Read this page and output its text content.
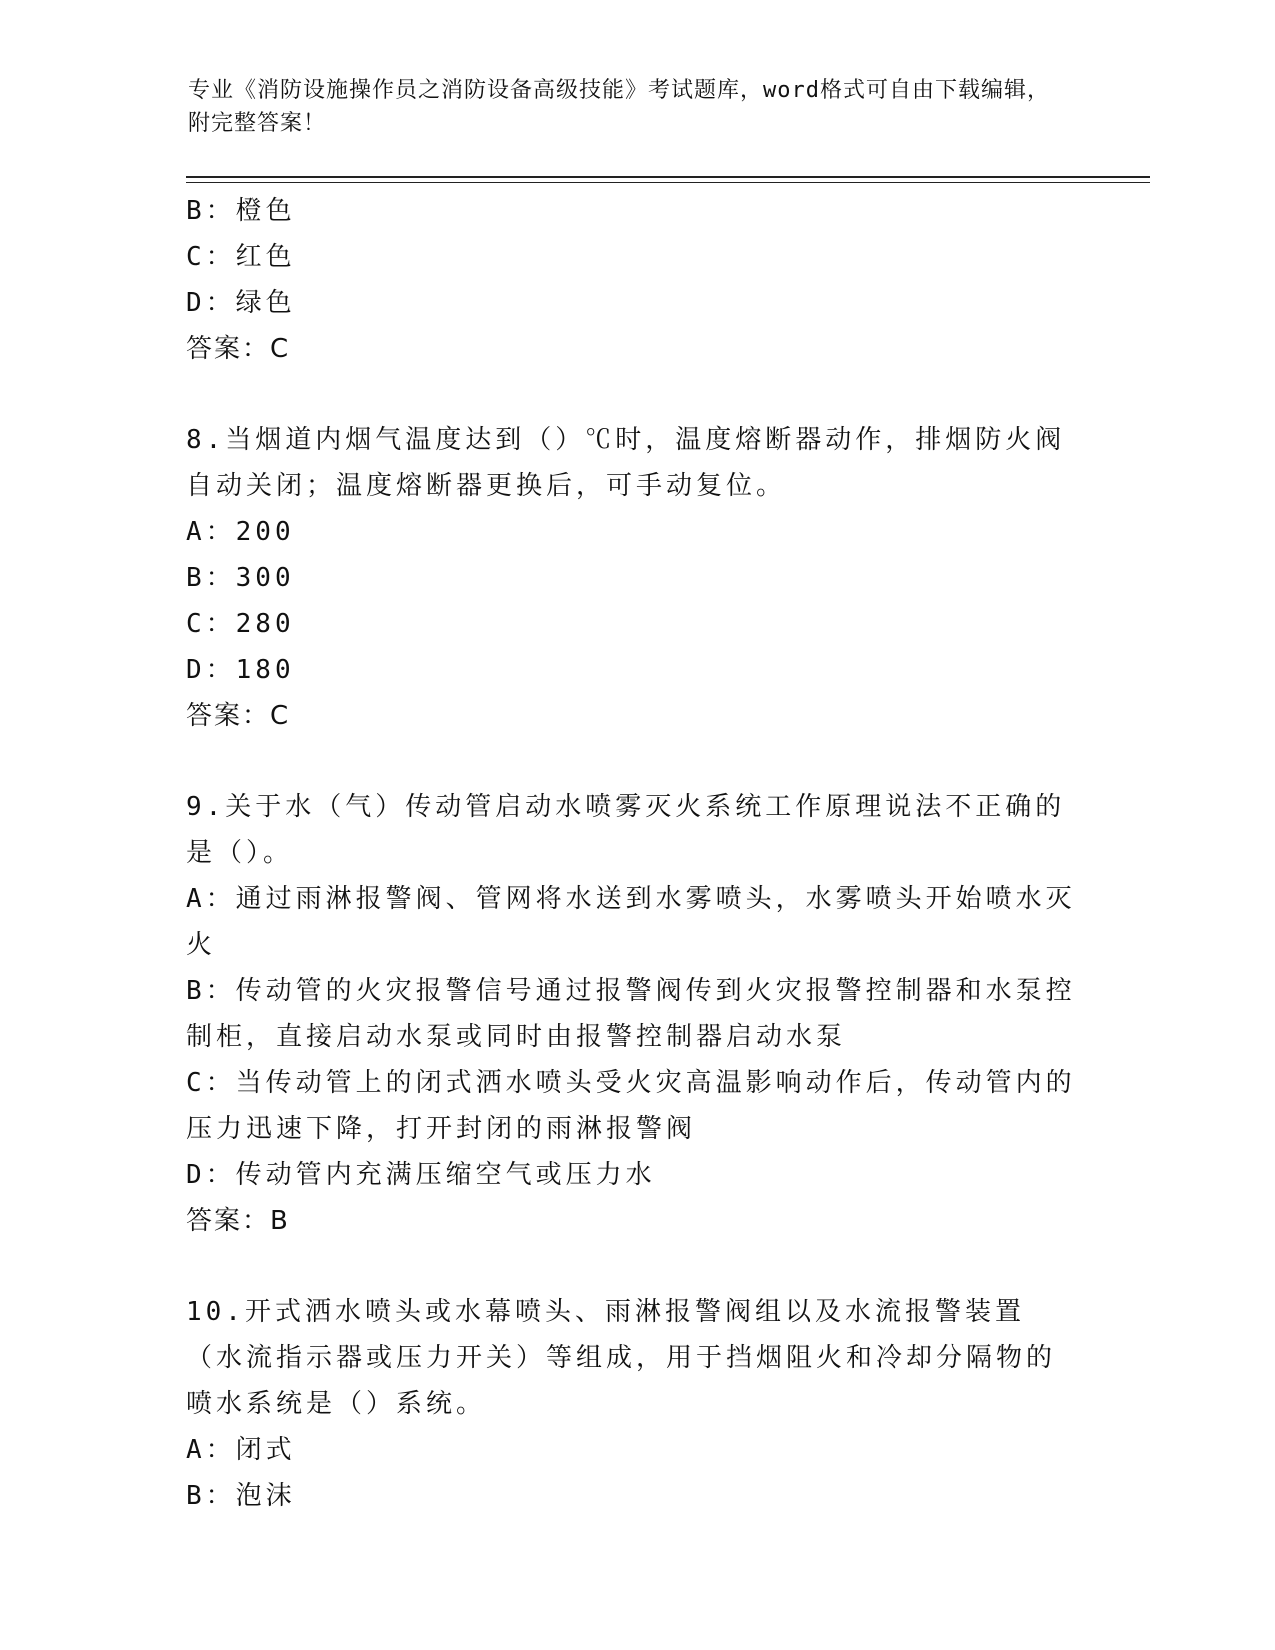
专业《消防设施操作员之消防设备高级技能》考试题库，word格式可自由下载编辑，附完整答案！
B：橙色
C：红色
D：绿色
答案：C
8.当烟道内烟气温度达到（）℃时，温度熔断器动作，排烟防火阀自动关闭；温度熔断器更换后，可手动复位。
A：200
B：300
C：280
D：180
答案：C
9.关于水（气）传动管启动水喷雾灭火系统工作原理说法不正确的是（）。
A：通过雨淋报警阀、管网将水送到水雾喷头，水雾喷头开始喷水灭火
B：传动管的火灾报警信号通过报警阀传到火灾报警控制器和水泵控制柜，直接启动水泵或同时由报警控制器启动水泵
C：当传动管上的闭式洒水喷头受火灾高温影响动作后，传动管内的压力迅速下降，打开封闭的雨淋报警阀
D：传动管内充满压缩空气或压力水
答案：B
10.开式洒水喷头或水幕喷头、雨淋报警阀组以及水流报警装置（水流指示器或压力开关）等组成，用于挡烟阻火和冷却分隔物的喷水系统是（）系统。
A：闭式
B：泡沫
